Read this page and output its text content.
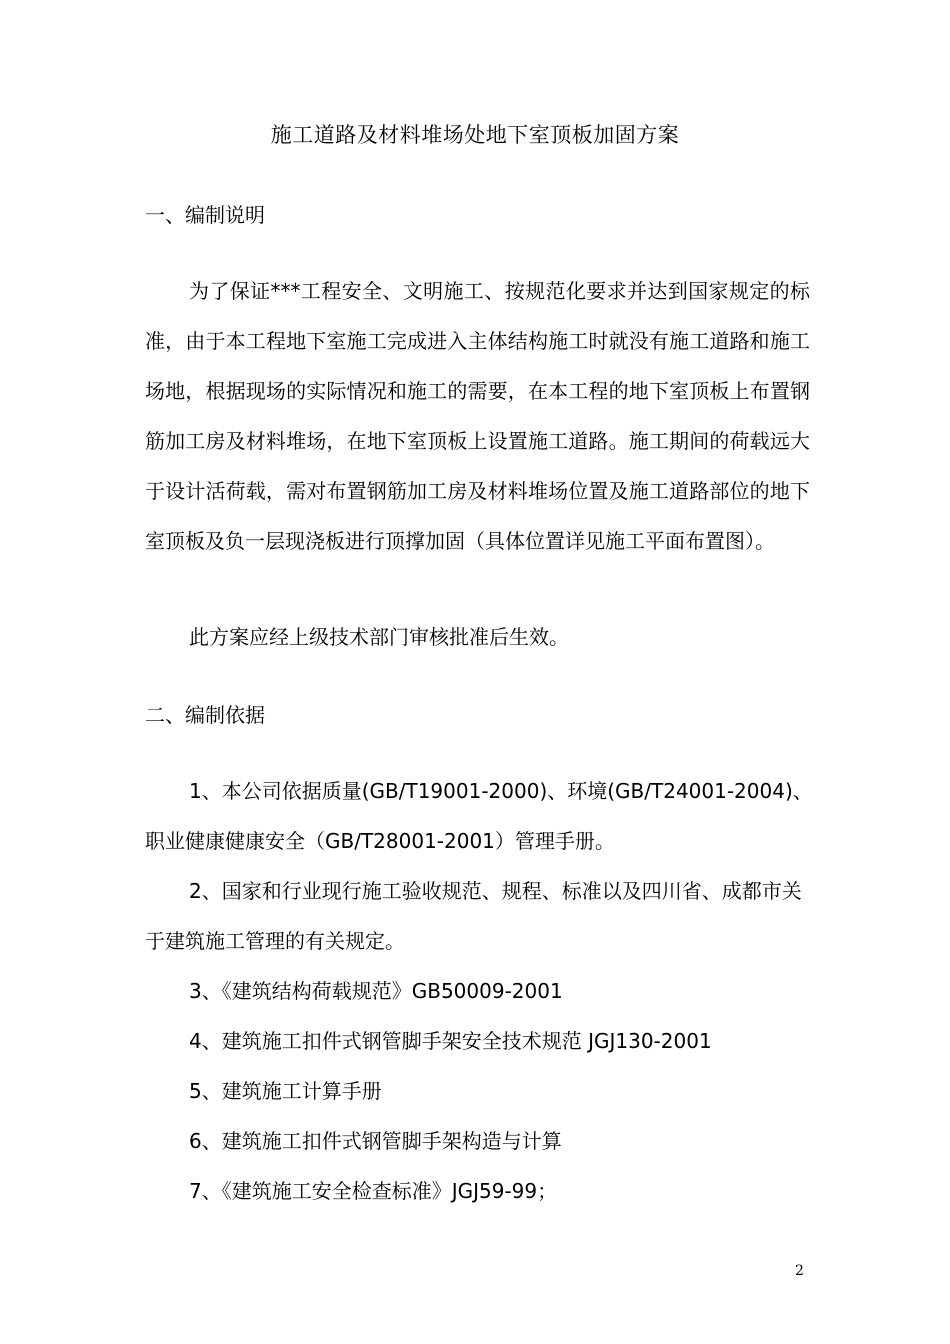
施工道路及材料堆场处地下室顶板加固方案
一、编制说明

为了保证***工程安全、文明施工、按规范化要求并达到国家规定的标准，由于本工程地下室施工完成进入主体结构施工时就没有施工道路和施工场地，根据现场的实际情况和施工的需要，在本工程的地下室顶板上布置钢筋加工房及材料堆场，在地下室顶板上设置施工道路。施工期间的荷载远大于设计活荷载，需对布置钢筋加工房及材料堆场位置及施工道路部位的地下室顶板及负一层现浇板进行顶撑加固（具体位置详见施工平面布置图）。

此方案应经上级技术部门审核批准后生效。

二、编制依据

1、本公司依据质量(GB/T19001-2000)、环境(GB/T24001-2004)、职业健康健康安全（GB/T28001-2001）管理手册。

2、国家和行业现行施工验收规范、规程、标准以及四川省、成都市关于建筑施工管理的有关规定。

3、《建筑结构荷载规范》GB50009-2001

4、建筑施工扣件式钢管脚手架安全技术规范 JGJ130-2001

5、建筑施工计算手册

6、建筑施工扣件式钢管脚手架构造与计算

7、《建筑施工安全检查标准》JGJ59-99；

2
